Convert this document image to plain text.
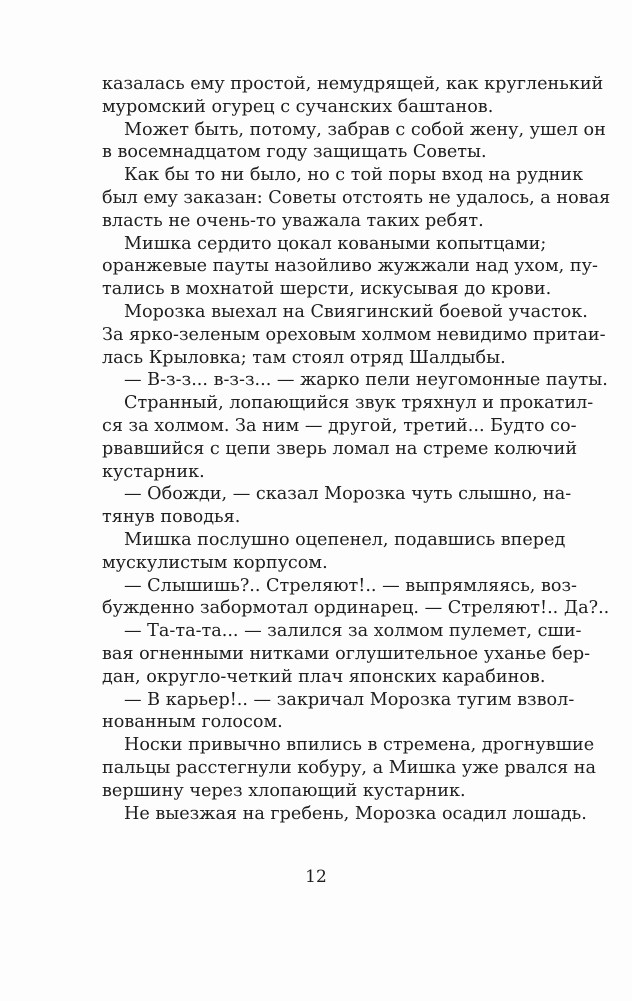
казалась ему простой, немудрящей, как кругленький
муромский огурец с сучанских баштанов.
Может быть, потому, забрав с собой жену, ушел он
в восемнадцатом году защищать Советы.
Как бы то ни было, но с той поры вход на рудник
был ему заказан: Советы отстоять не удалось, а новая
власть не очень-то уважала таких ребят.
Мишка сердито цокал коваными копытцами;
оранжевые пауты назойливо жужжали над ухом, пу-
тались в мохнатой шерсти, искусывая до крови.
Морозка выехал на Свиягинский боевой участок.
За ярко-зеленым ореховым холмом невидимо притаи-
лась Крыловка; там стоял отряд Шалдыбы.
— В-з-з... в-з-з... — жарко пели неугомонные пауты.
Странный, лопающийся звук тряхнул и прокатил-
ся за холмом. За ним — другой, третий... Будто со-
рвавшийся с цепи зверь ломал на стреме колючий
кустарник.
— Обожди, — сказал Морозка чуть слышно, на-
тянув поводья.
Мишка послушно оцепенел, подавшись вперед
мускулистым корпусом.
— Слышишь?.. Стреляют!.. — выпрямляясь, воз-
бужденно забормотал ординарец. — Стреляют!.. Да?..
— Та-та-та... — залился за холмом пулемет, сши-
вая огненными нитками оглушительное уханье бер-
дан, округло-четкий плач японских карабинов.
— В карьер!.. — закричал Морозка тугим взвол-
нованным голосом.
Носки привычно впились в стремена, дрогнувшие
пальцы расстегнули кобуру, а Мишка уже рвался на
вершину через хлопающий кустарник.
Не выезжая на гребень, Морозка осадил лошадь.
12
